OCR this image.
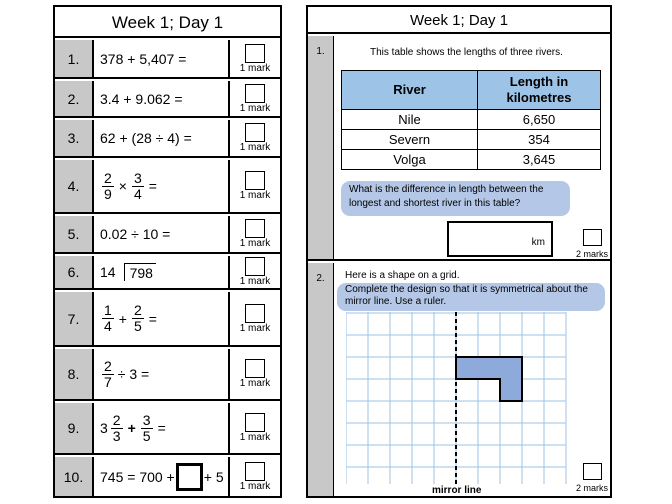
Week 1; Day 1
1.	378 + 5,407 =
1 mark
2.	3.4 + 9.062 =
1 mark
3.	62 + (28 ÷ 4) =
1 mark
4.	$\frac{2}{9} \times \frac{3}{4}$ =
1 mark
5.	0.02 ÷ 10 =
1 mark
6.	14	798
1 mark
7.	$\frac{1}{4} + \frac{2}{5}$ =
1 mark
8.	$\frac{2}{7} \div 3$ =
1 mark
9.	$3 \frac{2}{3} + \frac{3}{5}$ =
1 mark
10.	745 = 700 + + 5
1 mark
Week 1; Day 1
1.	This table shows the lengths of three rivers.
River	Length in kilometres
Nile	6,650
Severn	354
Volga	3,645
What is the difference in length between the longest and shortest river in this table?
km
2 marks
2.	Here is a shape on a grid.
Complete the design so that it is symmetrical about the mirror line. Use a ruler.
mirror line	2 marks
